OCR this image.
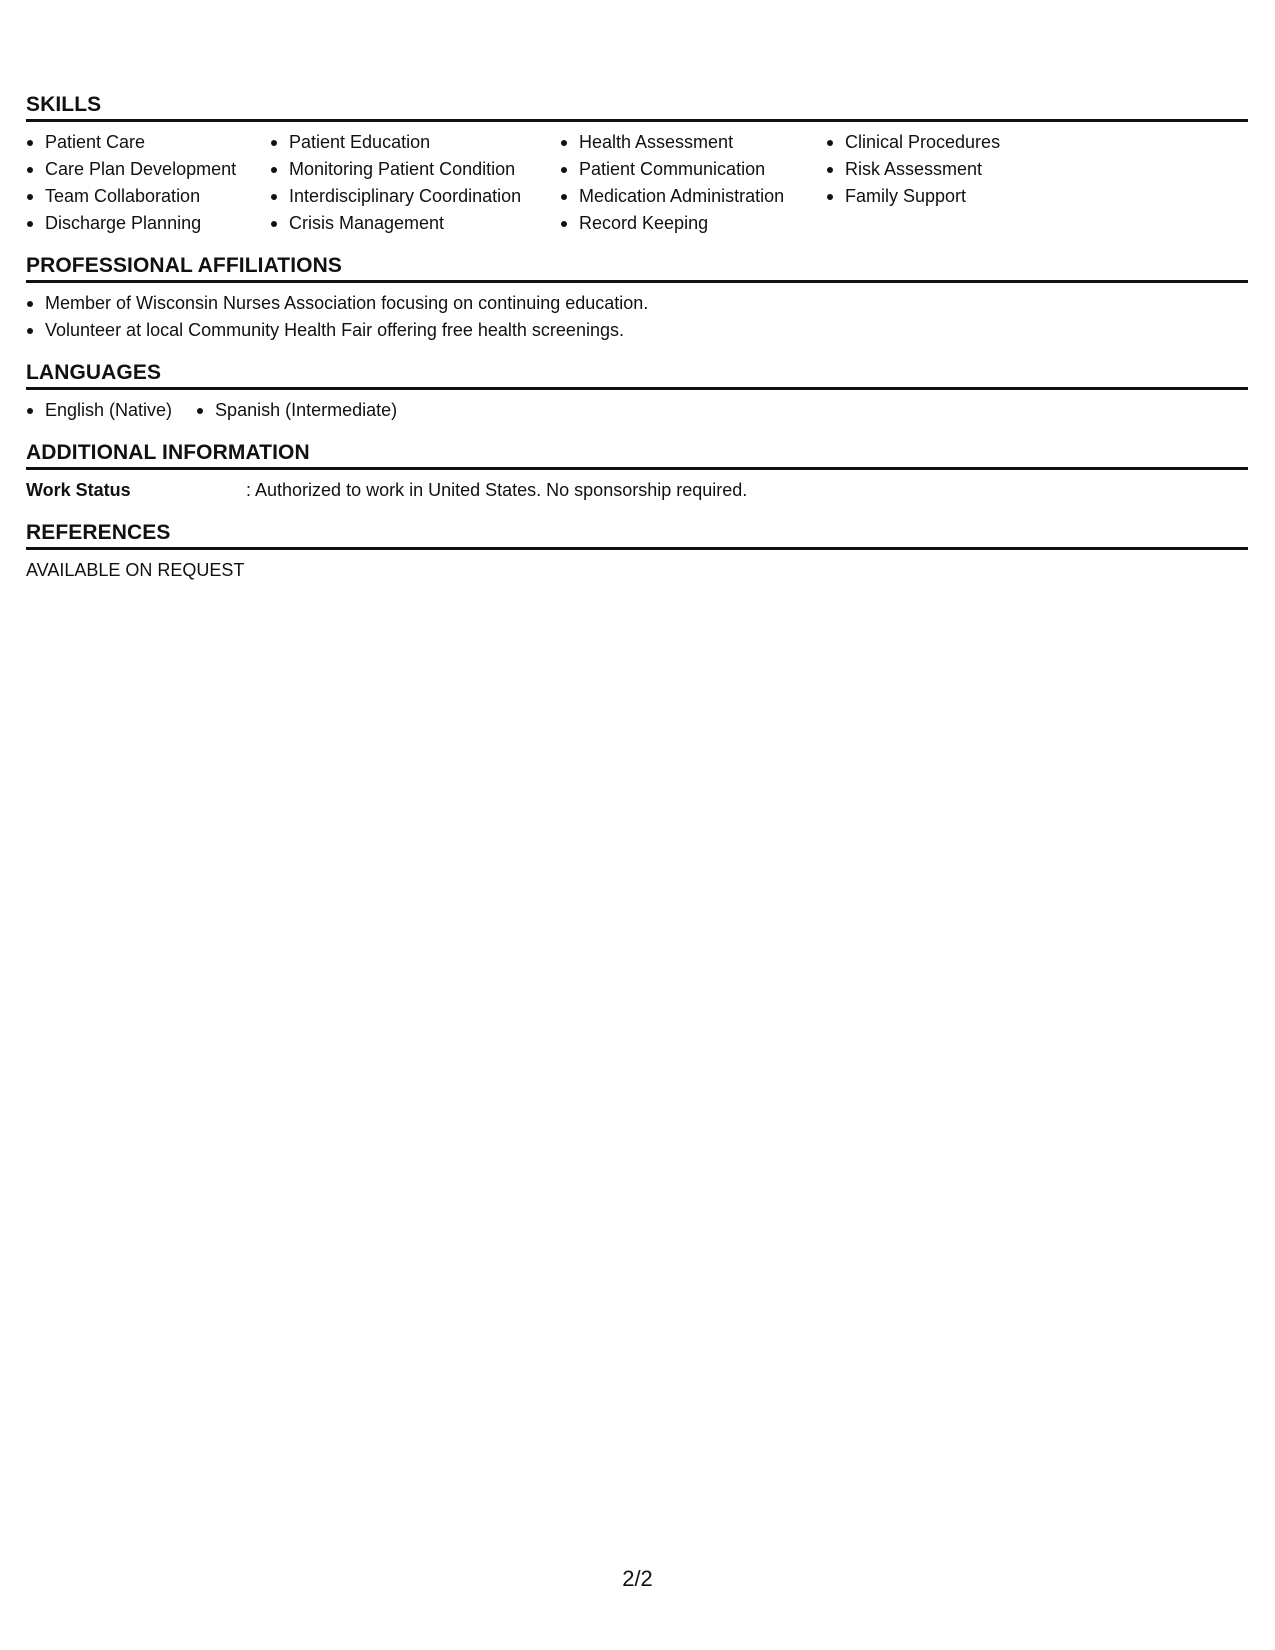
SKILLS
Patient Care
Care Plan Development
Team Collaboration
Discharge Planning
Patient Education
Monitoring Patient Condition
Interdisciplinary Coordination
Crisis Management
Health Assessment
Patient Communication
Medication Administration
Record Keeping
Clinical Procedures
Risk Assessment
Family Support
PROFESSIONAL AFFILIATIONS
Member of Wisconsin Nurses Association focusing on continuing education.
Volunteer at local Community Health Fair offering free health screenings.
LANGUAGES
English (Native)	Spanish (Intermediate)
ADDITIONAL INFORMATION
Work Status	: Authorized to work in United States. No sponsorship required.
REFERENCES
AVAILABLE ON REQUEST
2/2
